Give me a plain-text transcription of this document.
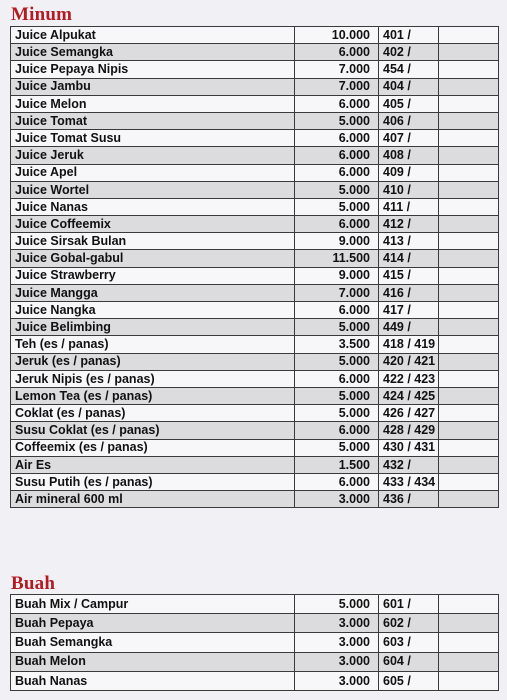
Minum
Juice Alpukat	10.000	401 /	
Juice Semangka	6.000	402 /	
Juice Pepaya Nipis	7.000	454 /	
Juice Jambu	7.000	404 /	
Juice Melon	6.000	405 /	
Juice Tomat	5.000	406 /	
Juice Tomat Susu	6.000	407 /	
Juice Jeruk	6.000	408 /	
Juice Apel	6.000	409 /	
Juice Wortel	5.000	410 /	
Juice Nanas	5.000	411 /	
Juice Coffeemix	6.000	412 /	
Juice Sirsak Bulan	9.000	413 /	
Juice Gobal-gabul	11.500	414 /	
Juice Strawberry	9.000	415 /	
Juice Mangga	7.000	416 /	
Juice Nangka	6.000	417 /	
Juice Belimbing	5.000	449 /	
Teh (es / panas)	3.500	418 / 419	
Jeruk (es / panas)	5.000	420 / 421	
Jeruk Nipis (es / panas)	6.000	422 / 423	
Lemon Tea (es / panas)	5.000	424 / 425	
Coklat (es / panas)	5.000	426 / 427	
Susu Coklat (es / panas)	6.000	428 / 429	
Coffeemix (es / panas)	5.000	430 / 431	
Air Es	1.500	432 /	
Susu Putih (es / panas)	6.000	433 / 434	
Air mineral 600 ml	3.000	436 /	
Buah
Buah Mix / Campur	5.000	601 /	
Buah Pepaya	3.000	602 /	
Buah Semangka	3.000	603 /	
Buah Melon	3.000	604 /	
Buah Nanas	3.000	605 /	
